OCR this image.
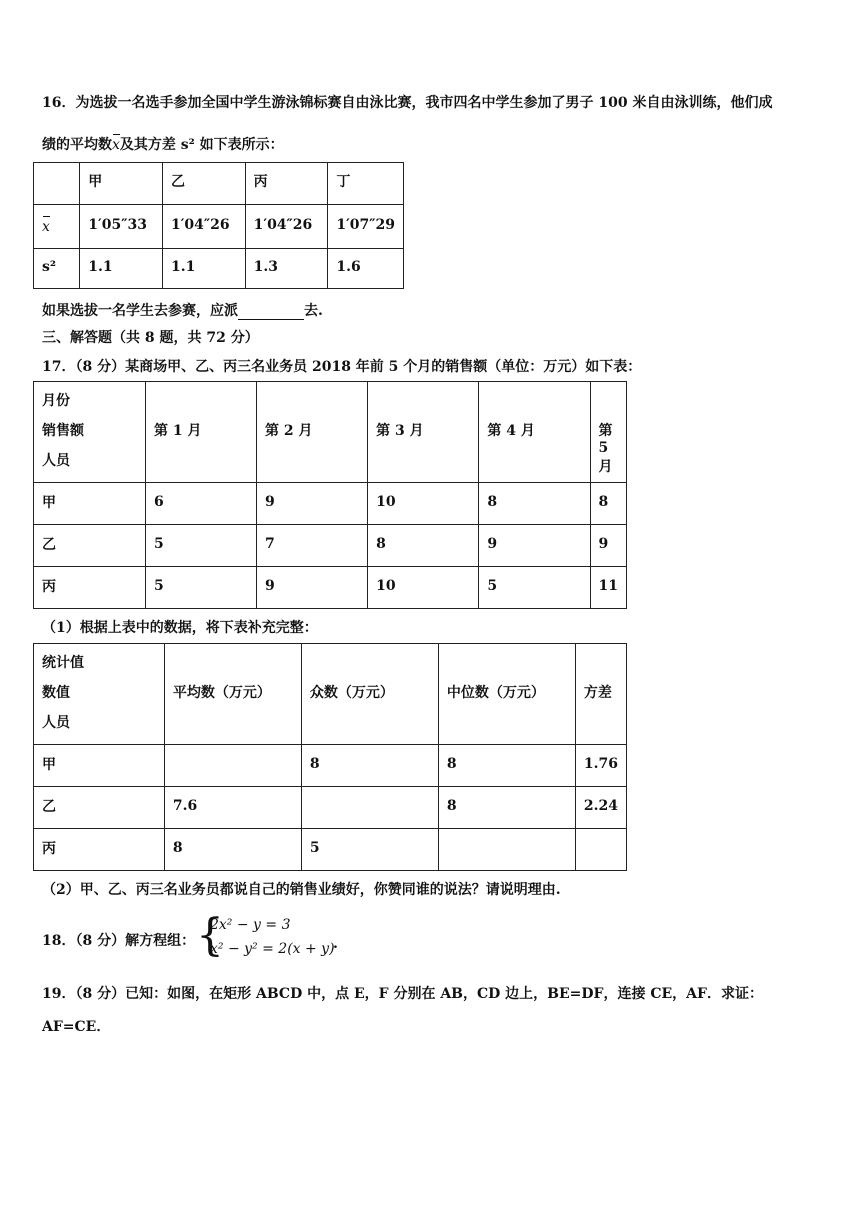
16．为选拔一名选手参加全国中学生游泳锦标赛自由泳比赛，我市四名中学生参加了男子 100 米自由泳训练，他们成
绩的平均数x及其方差 s² 如下表所示：
	甲	乙	丙	丁
x	1′05″33	1′04″26	1′04″26	1′07″29
s²	1.1	1.1	1.3	1.6
如果选拔一名学生去参赛，应派	去.
三、解答题（共 8 题，共 72 分）
17．（8 分）某商场甲、乙、丙三名业务员 2018 年前 5 个月的销售额（单位：万元）如下表：
月份
销售额
人员	第 1 月	第 2 月	第 3 月	第 4 月	第 5 月
甲	6	9	10	8	8
乙	5	7	8	9	9
丙	5	9	10	5	11
（1）根据上表中的数据，将下表补充完整：
统计值
数值
人员	平均数（万元）	众数（万元）	中位数（万元）	方差
甲		8	8	1.76
乙	7.6		8	2.24
丙	8	5		
（2）甲、乙、丙三名业务员都说自己的销售业绩好，你赞同谁的说法？请说明理由.
18．（8 分）解方程组： {
2x² − y = 3
x² − y² = 2(x + y)
.
19．（8 分）已知：如图，在矩形 ABCD 中，点 E，F 分别在 AB，CD 边上，BE=DF，连接 CE，AF．求证：
AF=CE．
